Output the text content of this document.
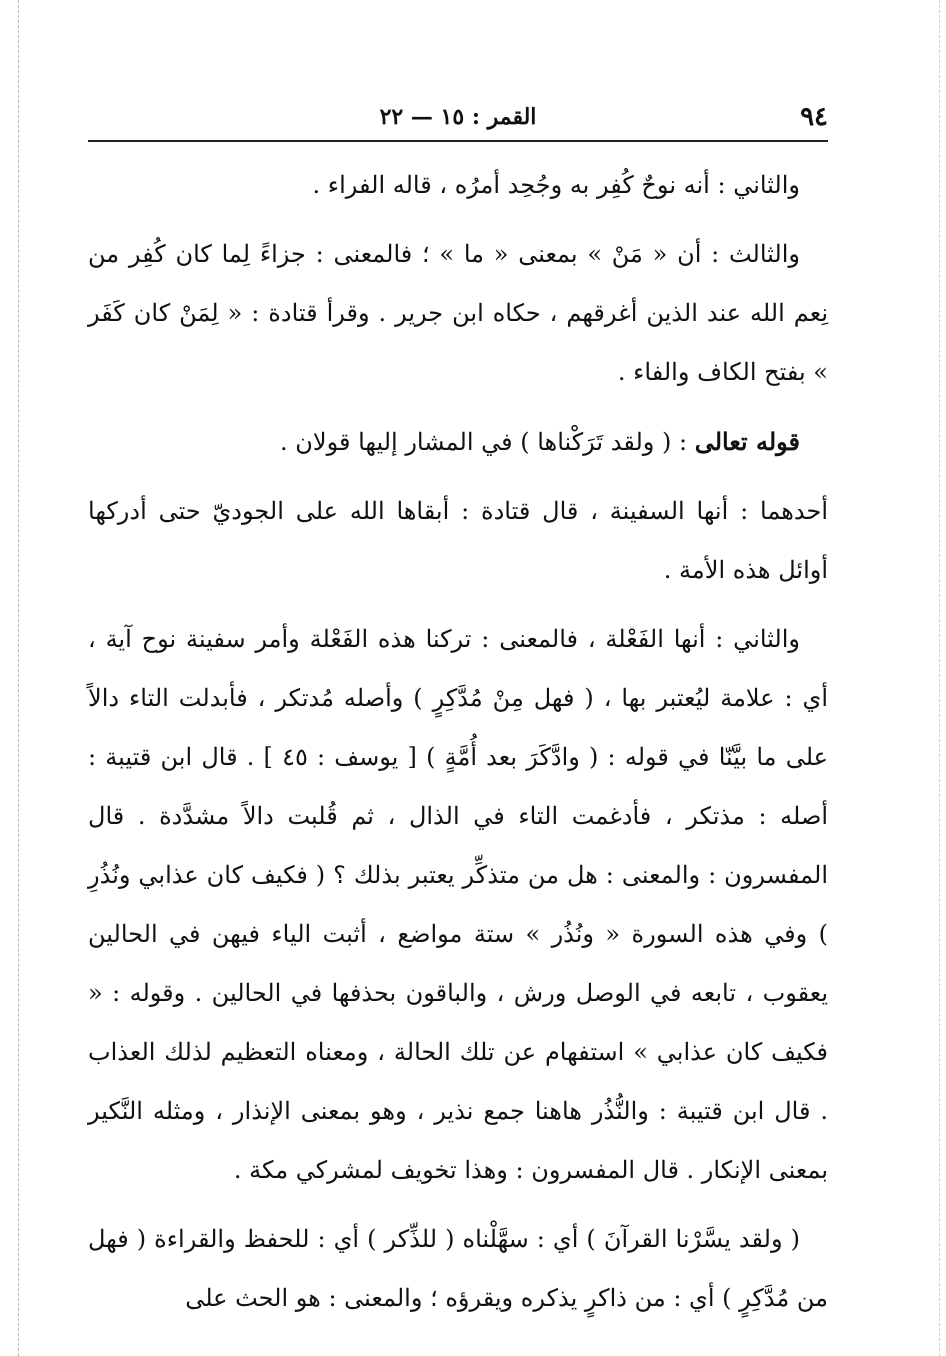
٩٤
القمر : ١٥ — ٢٢

والثاني : أنه نوحٌ كُفِر به وجُحِد أمرُه ، قاله الفراء .

والثالث : أن « مَنْ » بمعنى « ما » ؛ فالمعنى : جزاءً لِما كان كُفِر من نِعم الله عند الذين أغرقهم ، حكاه ابن جرير . وقرأ قتادة : « لِمَنْ كان كَفَر » بفتح الكاف والفاء .

قوله تعالى : ( ولقد تَرَكْناها ) في المشار إليها قولان .

أحدهما : أنها السفينة ، قال قتادة : أبقاها الله على الجوديّ حتى أدركها أوائل هذه الأمة .

والثاني : أنها الفَعْلة ، فالمعنى : تركنا هذه الفَعْلة وأمر سفينة نوح آية ، أي : علامة ليُعتبر بها ، ( فهل مِنْ مُدَّكِرٍ ) وأصله مُدتكر ، فأبدلت التاء دالاً على ما بيَّنّا في قوله : ( وادَّكَرَ بعد أُمَّةٍ ) [ يوسف : ٤٥ ] . قال ابن قتيبة : أصله : مذتكر ، فأدغمت التاء في الذال ، ثم قُلبت دالاً مشدَّدة . قال المفسرون : والمعنى : هل من متذكِّر يعتبر بذلك ؟ ( فكيف كان عذابي ونُذُرِ ) وفي هذه السورة « ونُذُر » ستة مواضع ، أثبت الياء فيهن في الحالين يعقوب ، تابعه في الوصل ورش ، والباقون بحذفها في الحالين . وقوله : « فكيف كان عذابي » استفهام عن تلك الحالة ، ومعناه التعظيم لذلك العذاب . قال ابن قتيبة : والنُّذُر هاهنا جمع نذير ، وهو بمعنى الإنذار ، ومثله النَّكير بمعنى الإنكار . قال المفسرون : وهذا تخويف لمشركي مكة .

( ولقد يسَّرْنا القرآنَ ) أي : سهَّلْناه ( للذِّكر ) أي : للحفظ والقراءة ( فهل من مُدَّكِرٍ ) أي : من ذاكرٍ يذكره ويقرؤه ؛ والمعنى : هو الحث على
